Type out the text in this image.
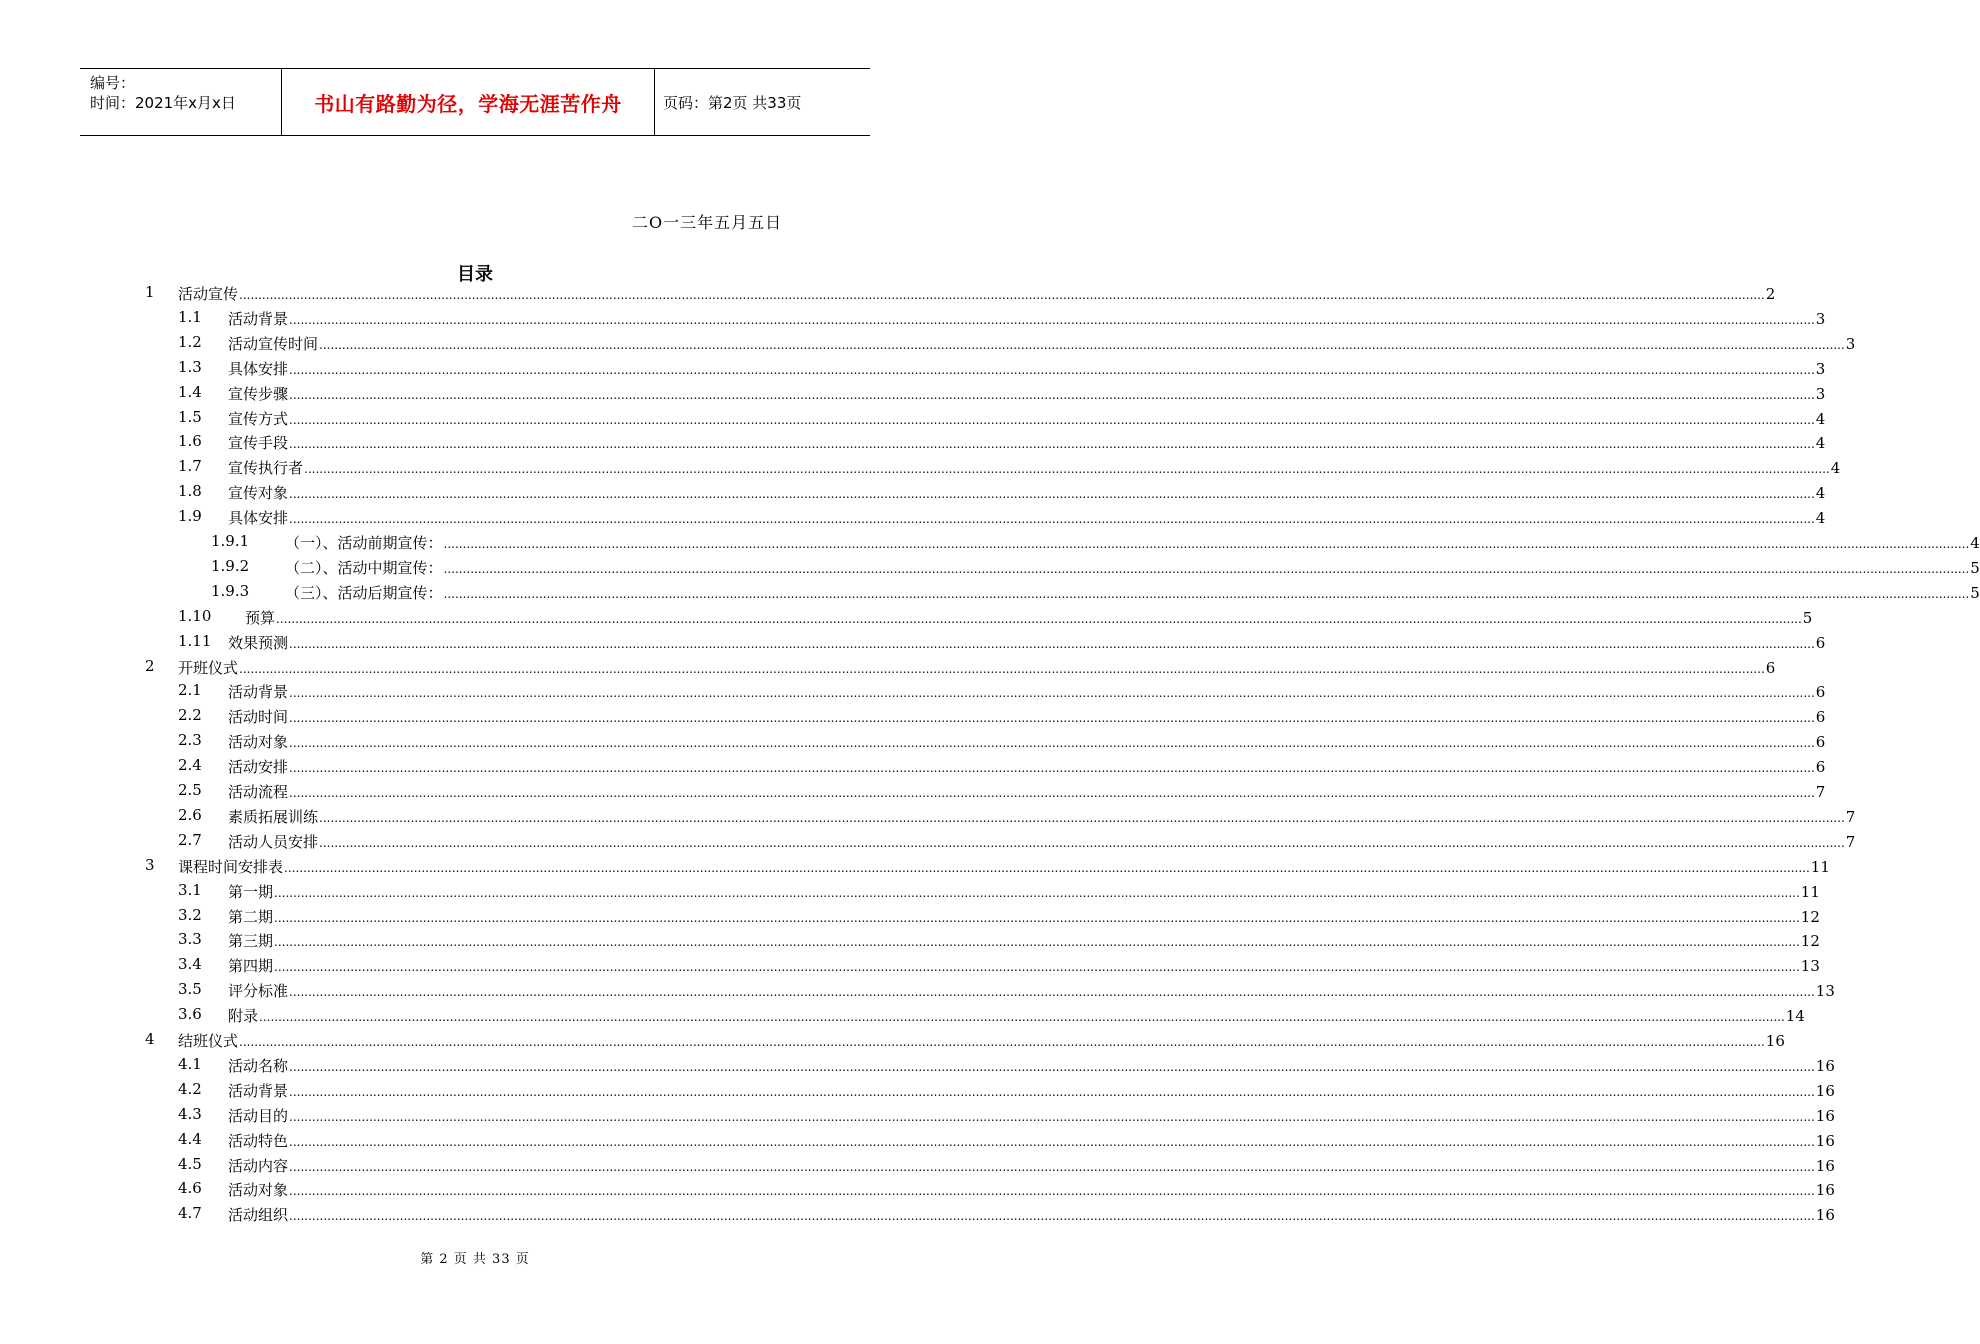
编号：
时间：2021年x月x日	书山有路勤为径，学海无涯苦作舟	页码：第2页 共33页
二O一三年五月五日
目录
1 活动宣传 ................................................................................................................................................................................................................................................................................................................................................................................................................ 2
1.1 活动背景 ................................................................................................................................................................................................................................................................................................................................................................................................................ 3
1.2 活动宣传时间 ................................................................................................................................................................................................................................................................................................................................................................................................................ 3
1.3 具体安排 ................................................................................................................................................................................................................................................................................................................................................................................................................ 3
1.4 宣传步骤 ................................................................................................................................................................................................................................................................................................................................................................................................................ 3
1.5 宣传方式 ................................................................................................................................................................................................................................................................................................................................................................................................................ 4
1.6 宣传手段 ................................................................................................................................................................................................................................................................................................................................................................................................................ 4
1.7 宣传执行者 ................................................................................................................................................................................................................................................................................................................................................................................................................ 4
1.8 宣传对象 ................................................................................................................................................................................................................................................................................................................................................................................................................ 4
1.9 具体安排 ................................................................................................................................................................................................................................................................................................................................................................................................................ 4
1.9.1 （一）、活动前期宣传： ................................................................................................................................................................................................................................................................................................................................................................................................................ 4
1.9.2 （二）、活动中期宣传： ................................................................................................................................................................................................................................................................................................................................................................................................................ 5
1.9.3 （三）、活动后期宣传： ................................................................................................................................................................................................................................................................................................................................................................................................................ 5
1.10 预算 ................................................................................................................................................................................................................................................................................................................................................................................................................ 5
1.11 效果预测 ................................................................................................................................................................................................................................................................................................................................................................................................................ 6
2 开班仪式 ................................................................................................................................................................................................................................................................................................................................................................................................................ 6
2.1 活动背景 ................................................................................................................................................................................................................................................................................................................................................................................................................ 6
2.2 活动时间 ................................................................................................................................................................................................................................................................................................................................................................................................................ 6
2.3 活动对象 ................................................................................................................................................................................................................................................................................................................................................................................................................ 6
2.4 活动安排 ................................................................................................................................................................................................................................................................................................................................................................................................................ 6
2.5 活动流程 ................................................................................................................................................................................................................................................................................................................................................................................................................ 7
2.6 素质拓展训练 ................................................................................................................................................................................................................................................................................................................................................................................................................ 7
2.7 活动人员安排 ................................................................................................................................................................................................................................................................................................................................................................................................................ 7
3 课程时间安排表 ................................................................................................................................................................................................................................................................................................................................................................................................................ 11
3.1 第一期 ................................................................................................................................................................................................................................................................................................................................................................................................................ 11
3.2 第二期 ................................................................................................................................................................................................................................................................................................................................................................................................................ 12
3.3 第三期 ................................................................................................................................................................................................................................................................................................................................................................................................................ 12
3.4 第四期 ................................................................................................................................................................................................................................................................................................................................................................................................................ 13
3.5 评分标准 ................................................................................................................................................................................................................................................................................................................................................................................................................ 13
3.6 附录 ................................................................................................................................................................................................................................................................................................................................................................................................................ 14
4 结班仪式 ................................................................................................................................................................................................................................................................................................................................................................................................................ 16
4.1 活动名称 ................................................................................................................................................................................................................................................................................................................................................................................................................ 16
4.2 活动背景 ................................................................................................................................................................................................................................................................................................................................................................................................................ 16
4.3 活动目的 ................................................................................................................................................................................................................................................................................................................................................................................................................ 16
4.4 活动特色 ................................................................................................................................................................................................................................................................................................................................................................................................................ 16
4.5 活动内容 ................................................................................................................................................................................................................................................................................................................................................................................................................ 16
4.6 活动对象 ................................................................................................................................................................................................................................................................................................................................................................................................................ 16
4.7 活动组织 ................................................................................................................................................................................................................................................................................................................................................................................................................ 16
第 2 页 共 33 页
